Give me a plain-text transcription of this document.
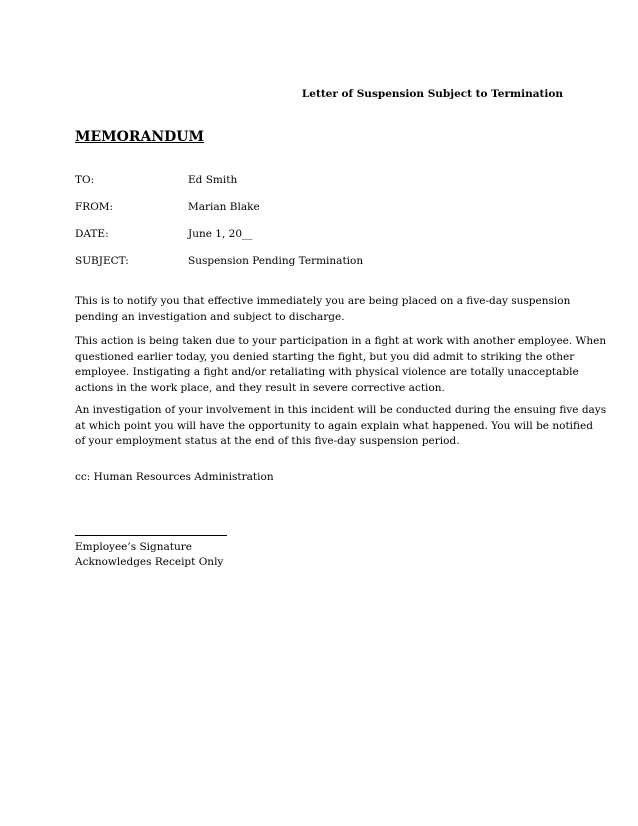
Letter of Suspension Subject to Termination
MEMORANDUM
TO:	Ed Smith
FROM:	Marian Blake
DATE:	June 1, 20__
SUBJECT:	Suspension Pending Termination
This is to notify you that effective immediately you are being placed on a five-day suspension
pending an investigation and subject to discharge.
This action is being taken due to your participation in a fight at work with another employee. When
questioned earlier today, you denied starting the fight, but you did admit to striking the other
employee. Instigating a fight and/or retaliating with physical violence are totally unacceptable
actions in the work place, and they result in severe corrective action.
An investigation of your involvement in this incident will be conducted during the ensuing five days
at which point you will have the opportunity to again explain what happened. You will be notified
of your employment status at the end of this five-day suspension period.
cc: Human Resources Administration
Employee’s Signature
Acknowledges Receipt Only
